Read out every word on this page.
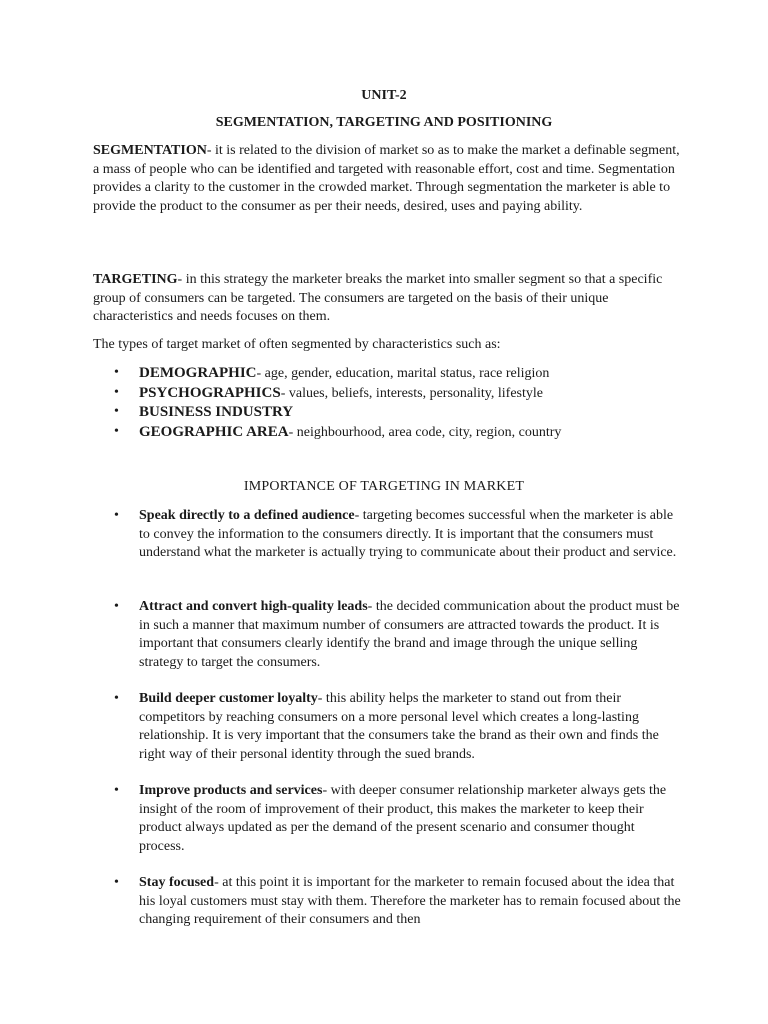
UNIT-2
SEGMENTATION, TARGETING AND POSITIONING

SEGMENTATION- it is related to the division of market so as to make the market a definable segment, a mass of people who can be identified and targeted with reasonable effort, cost and time. Segmentation provides a clarity to the customer in the crowded market. Through segmentation the marketer is able to provide the product to the consumer as per their needs, desired, uses and paying ability.

TARGETING- in this strategy the marketer breaks the market into smaller segment so that a specific group of consumers can be targeted. The consumers are targeted on the basis of their unique characteristics and needs focuses on them.

The types of target market of often segmented by characteristics such as:

• DEMOGRAPHIC- age, gender, education, marital status, race religion
• PSYCHOGRAPHICS- values, beliefs, interests, personality, lifestyle
• BUSINESS INDUSTRY
• GEOGRAPHIC AREA- neighbourhood, area code, city, region, country
IMPORTANCE OF TARGETING IN MARKET
• Speak directly to a defined audience- targeting becomes successful when the marketer is able to convey the information to the consumers directly. It is important that the consumers must understand what the marketer is actually trying to communicate about their product and service.
• Attract and convert high-quality leads- the decided communication about the product must be in such a manner that maximum number of consumers are attracted towards the product. It is important that consumers clearly identify the brand and image through the unique selling strategy to target the consumers.
• Build deeper customer loyalty- this ability helps the marketer to stand out from their competitors by reaching consumers on a more personal level which creates a long-lasting relationship. It is very important that the consumers take the brand as their own and finds the right way of their personal identity through the sued brands.
• Improve products and services- with deeper consumer relationship marketer always gets the insight of the room of improvement of their product, this makes the marketer to keep their product always updated as per the demand of the present scenario and consumer thought process.
• Stay focused- at this point it is important for the marketer to remain focused about the idea that his loyal customers must stay with them. Therefore the marketer has to remain focused about the changing requirement of their consumers and then
